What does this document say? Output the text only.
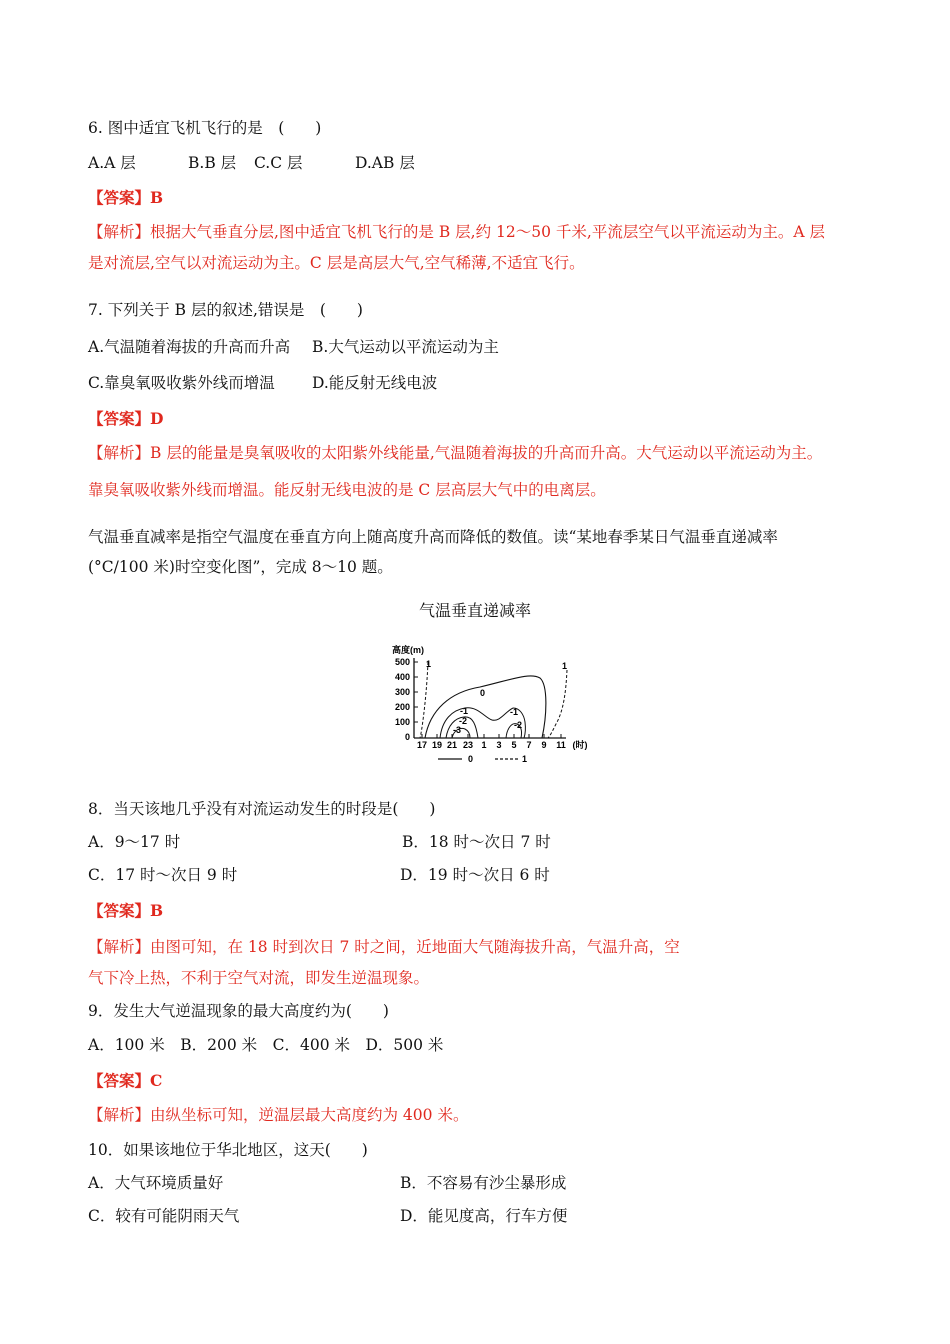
6. 图中适宜飞机飞行的是　(　　)
A.A 层	B.B 层 C.C 层	D.AB 层
【答案】B
【解析】根据大气垂直分层,图中适宜飞机飞行的是 B 层,约 12～50 千米,平流层空气以平流运动为主。A 层
是对流层,空气以对流运动为主。C 层是高层大气,空气稀薄,不适宜飞行。
7. 下列关于 B 层的叙述,错误是　(　　)
A.气温随着海拔的升高而升高 B.大气运动以平流运动为主
C.靠臭氧吸收紫外线而增温 D.能反射无线电波
【答案】D
【解析】B 层的能量是臭氧吸收的太阳紫外线能量,气温随着海拔的升高而升高。大气运动以平流运动为主。
靠臭氧吸收紫外线而增温。能反射无线电波的是 C 层高层大气中的电离层。
气温垂直减率是指空气温度在垂直方向上随高度升高而降低的数值。读“某地春季某日气温垂直递减率
(°C/100 米)时空变化图”，完成 8～10 题。
气温垂直递减率
高度(m)
500
400
300
200
100
0
17 19 21 23 1 3 5 7 9 11 (时)
1
0
-1
-2
-3
-1
-2
1
0	1
8．当天该地几乎没有对流运动发生的时段是(　　)
A．9～17 时	B．18 时～次日 7 时
C．17 时～次日 9 时	D．19 时～次日 6 时
【答案】B
【解析】由图可知，在 18 时到次日 7 时之间，近地面大气随海拔升高，气温升高，空
气下冷上热，不利于空气对流，即发生逆温现象。
9．发生大气逆温现象的最大高度约为(　　)
A．100 米　B．200 米　C．400 米　D．500 米
【答案】C
【解析】由纵坐标可知，逆温层最大高度约为 400 米。
10．如果该地位于华北地区，这天(　　)
A．大气环境质量好	B．不容易有沙尘暴形成
C．较有可能阴雨天气	D．能见度高，行车方便
